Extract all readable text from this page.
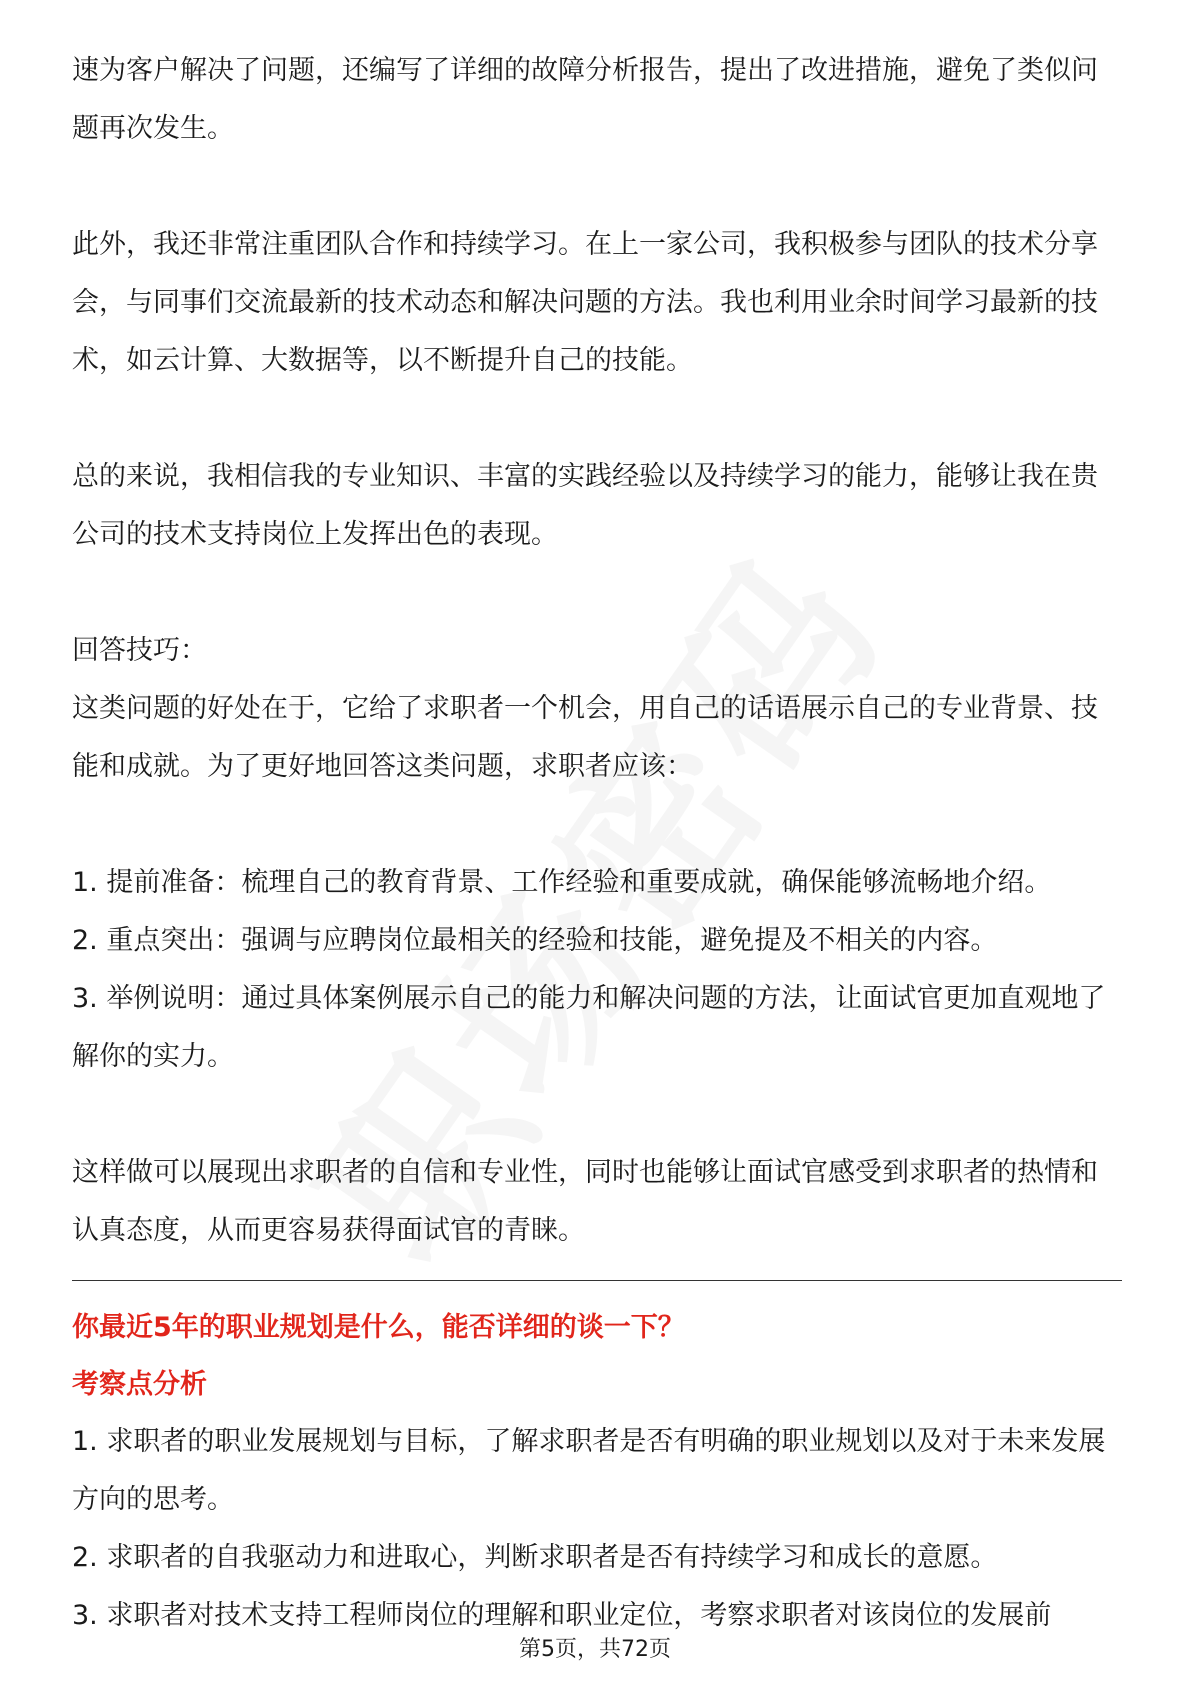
速为客户解决了问题，还编写了详细的故障分析报告，提出了改进措施，避免了类似问题再次发生。

此外，我还非常注重团队合作和持续学习。在上一家公司，我积极参与团队的技术分享会，与同事们交流最新的技术动态和解决问题的方法。我也利用业余时间学习最新的技术，如云计算、大数据等，以不断提升自己的技能。

总的来说，我相信我的专业知识、丰富的实践经验以及持续学习的能力，能够让我在贵公司的技术支持岗位上发挥出色的表现。

回答技巧：

这类问题的好处在于，它给了求职者一个机会，用自己的话语展示自己的专业背景、技能和成就。为了更好地回答这类问题，求职者应该：

1. 提前准备：梳理自己的教育背景、工作经验和重要成就，确保能够流畅地介绍。

2. 重点突出：强调与应聘岗位最相关的经验和技能，避免提及不相关的内容。

3. 举例说明：通过具体案例展示自己的能力和解决问题的方法，让面试官更加直观地了解你的实力。

这样做可以展现出求职者的自信和专业性，同时也能够让面试官感受到求职者的热情和认真态度，从而更容易获得面试官的青睐。

你最近5年的职业规划是什么，能否详细的谈一下？

考察点分析

1. 求职者的职业发展规划与目标，了解求职者是否有明确的职业规划以及对于未来发展方向的思考。

2. 求职者的自我驱动力和进取心，判断求职者是否有持续学习和成长的意愿。

3. 求职者对技术支持工程师岗位的理解和职业定位，考察求职者对该岗位的发展前

第5页，共72页
